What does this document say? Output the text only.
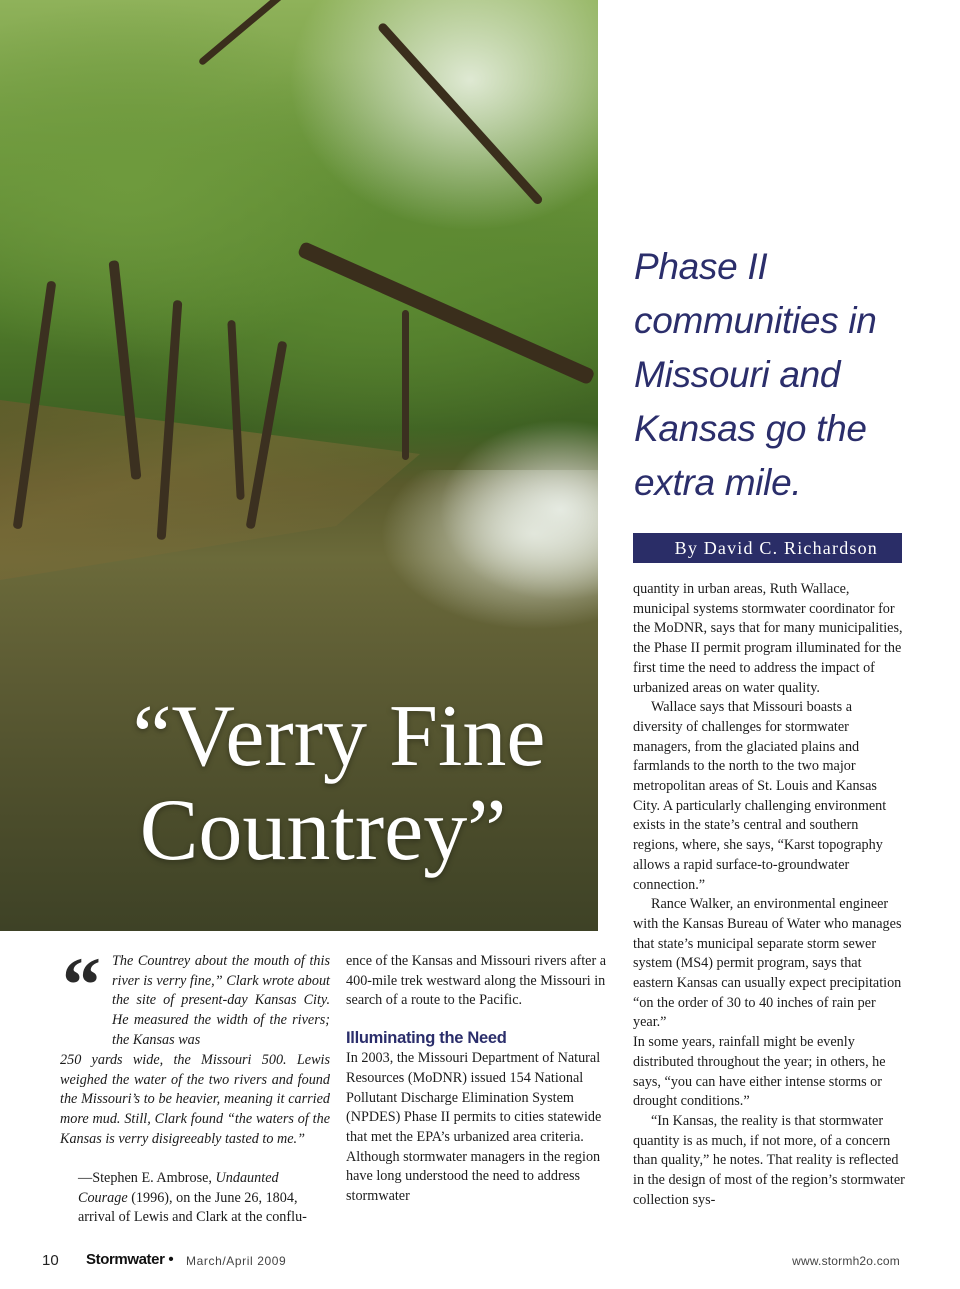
“Verry Fine
Countrey”
Phase II
communities in
Missouri and
Kansas go the
extra mile.
By David C. Richardson
“ The Countrey about the mouth of this river is verry fine,” Clark wrote about the site of present-day Kansas City. He measured the width of the rivers; the Kansas was
250 yards wide, the Missouri 500. Lewis weighed the water of the two rivers and found the Missouri’s to be heavier, meaning it carried more mud. Still, Clark found “the waters of the Kansas is verry disigreeably tasted to me.”

—Stephen E. Ambrose, Undaunted Courage (1996), on the June 26, 1804, arrival of Lewis and Clark at the conflu-

ence of the Kansas and Missouri rivers after a 400-mile trek westward along the Missouri in search of a route to the Pacific.

Illuminating the Need

In 2003, the Missouri Department of Natural Resources (MoDNR) issued 154 National Pollutant Discharge Elimination System (NPDES) Phase II permits to cities statewide that met the EPA’s urbanized area criteria. Although stormwater managers in the region have long understood the need to address stormwater

quantity in urban areas, Ruth Wallace, municipal systems stormwater coordinator for the MoDNR, says that for many municipalities, the Phase II permit program illuminated for the first time the need to address the impact of urbanized areas on water quality.

Wallace says that Missouri boasts a diversity of challenges for stormwater managers, from the glaciated plains and farmlands to the north to the two major metropolitan areas of St. Louis and Kansas City. A particularly challenging environment exists in the state’s central and southern regions, where, she says, “Karst topography allows a rapid surface-to-groundwater connection.”

Rance Walker, an environmental engineer with the Kansas Bureau of Water who manages that state’s municipal separate storm sewer system (MS4) permit program, says that eastern Kansas can usually expect precipitation “on the order of 30 to 40 inches of rain per year.”

In some years, rainfall might be evenly distributed throughout the year; in others, he says, “you can have either intense storms or drought conditions.”

“In Kansas, the reality is that stormwater quantity is as much, if not more, of a concern than quality,” he notes. That reality is reflected in the design of most of the region’s stormwater collection sys-

10 Stormwater • March/April 2009	www.stormh2o.com
